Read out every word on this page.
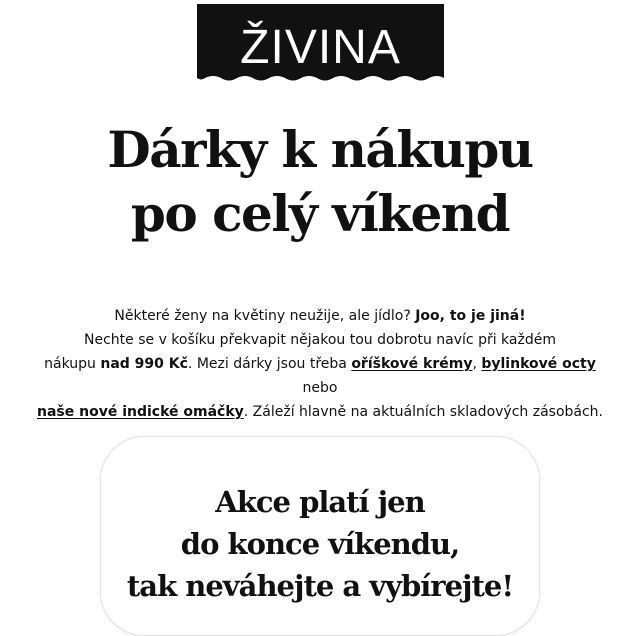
ŽIVINA
Dárky k nákupu
po celý víkend
Některé ženy na květiny neužije, ale jídlo? Joo, to je jiná!
Nechte se v košíku překvapit nějakou tou dobrotu navíc při každém
nákupu nad 990 Kč. Mezi dárky jsou třeba oříškové krémy, bylinkové octy nebo
naše nové indické omáčky. Záleží hlavně na aktuálních skladových zásobách.
Akce platí jen
do konce víkendu,
tak neváhejte a vybírejte!
